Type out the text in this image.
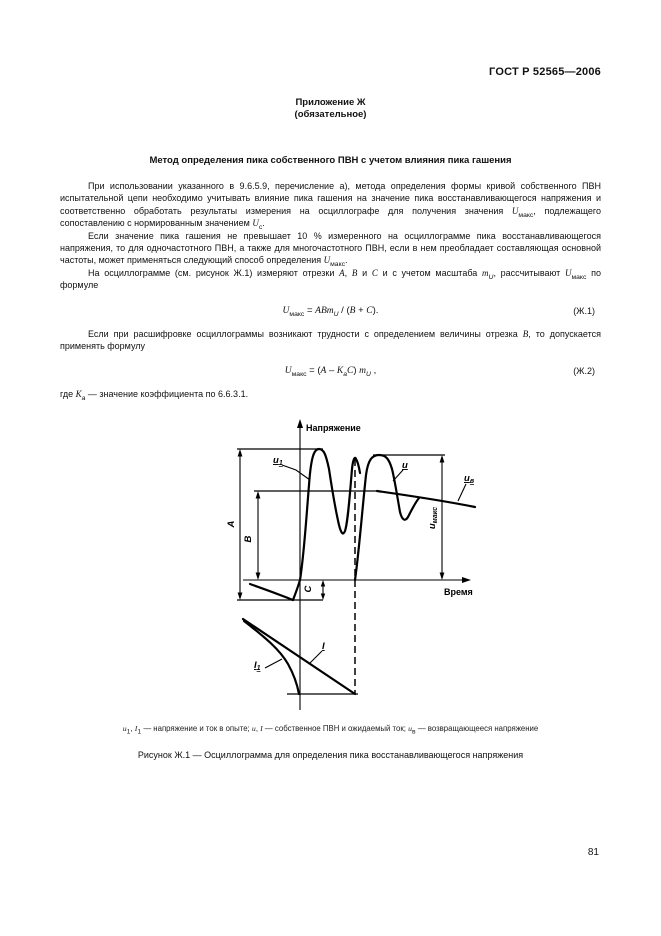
ГОСТ Р 52565—2006
Приложение Ж
(обязательное)
Метод определения пика собственного ПВН с учетом влияния пика гашения

При использовании указанного в 9.6.5.9, перечисление а), метода определения формы кривой собственного ПВН испытательной цепи необходимо учитывать влияние пика гашения на значение пика восстанавливающегося напряжения и соответственно обработать результаты измерения на осциллографе для получения значения $U_{макс}$, подлежащего сопоставлению с нормированным значением $U_с$.

Если значение пика гашения не превышает 10 % измеренного на осциллограмме пика восстанавливающегося напряжения, то для одночастотного ПВН, а также для многочастотного ПВН, если в нем преобладает составляющая основной частоты, может применяться следующий способ определения $U_{макс}$.

На осциллограмме (см. рисунок Ж.1) измеряют отрезки А, В и С и с учетом масштаба $m_U$, рассчитывают $U_{макс}$ по формуле

$U_{макс} = ABm_U / (В + С)$.	(Ж.1)

Если при расшифровке осциллограммы возникают трудности с определением величины отрезка В, то допускается применять формулу

$U_{макс} = (А - К_аС)$ $m_U$ ,	(Ж.2)

где $К_а$ — значение коэффициента по 6.6.3.1.

Напряжение
Время
A
B
C
$u_{макс}$
$u_1$	u
$u_в$
I
$I_1$
$u_1$, $I_1$ — напряжение и ток в опыте; u, I — собственное ПВН и ожидаемый ток; $u_в$ — возвращающееся напряжение
Рисунок Ж.1 — Осциллограмма для определения пика восстанавливающегося напряжения
81
